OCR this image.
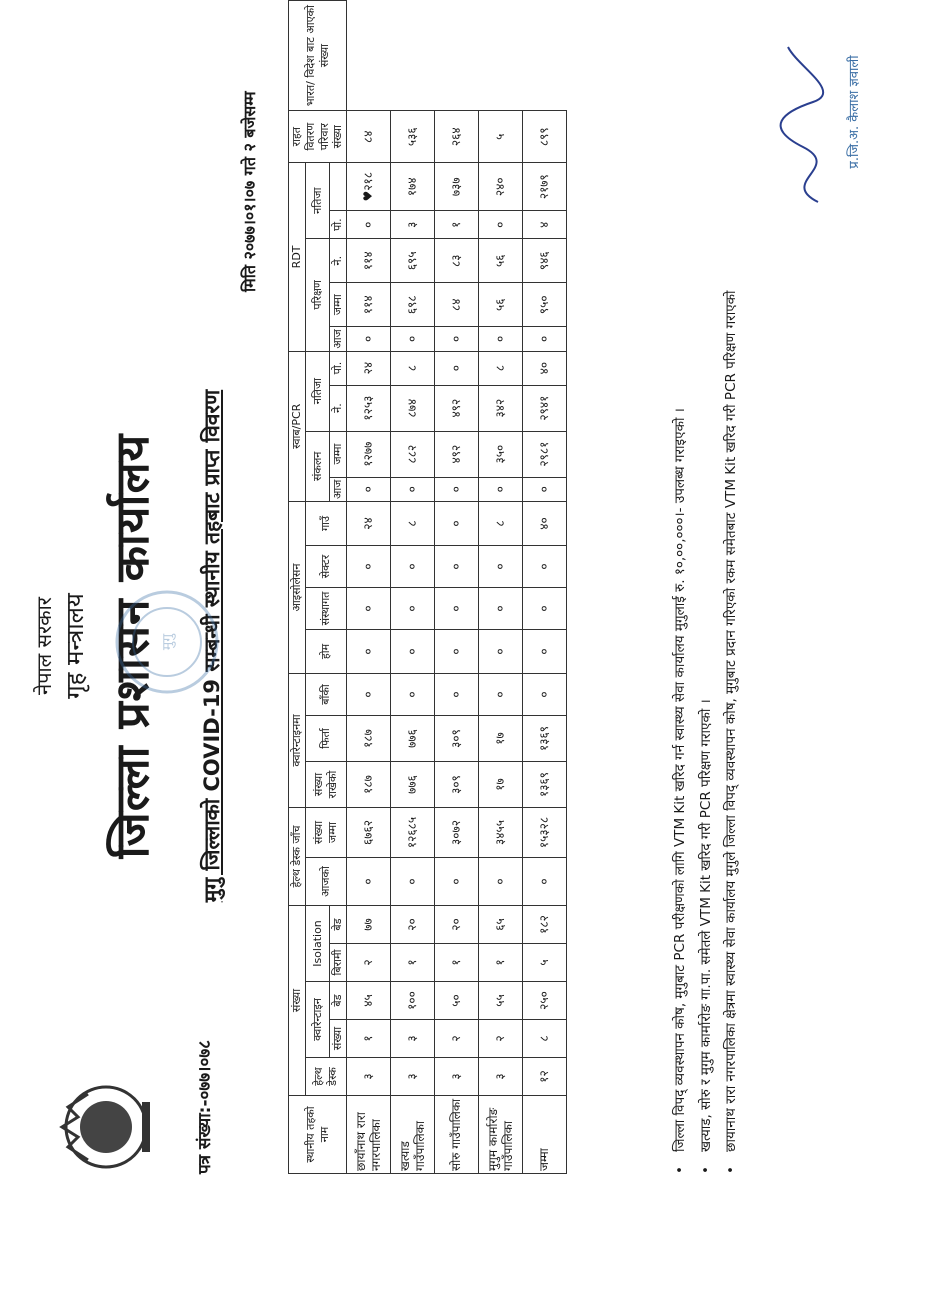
नेपाल सरकार गृह मन्त्रालय जिल्ला प्रशासन कार्यालय
पत्र संख्या:-०७७।०७८
मुगु जिल्लाको COVID-19 सम्बन्धी स्थानीय तहबाट प्राप्त विवरण
मिति २०७७।०१।०७ गते २ बजेसम्म
मुगु
स्थानीय तहको नाम	संख्या					हेल्थ डेस्क जाँच		क्वारेन्टाइनमा			आइसोलेसन				स्वाब/PCR				RDT					राहत वितरण परिवार संख्या	भारत/ विदेश बाट आएको संख्या
	हेल्थ डेस्क	क्वारेन्टाइन		Isolation		आजको	संख्या जम्मा	संख्या राखेको	फिर्ता	बाँकी	होम	संस्थागत	सेक्टर	गाउँ	संकलन		नतिजा		परिक्षण			नतिजा			
		संख्या	बेड	बिरामी	बेड										आज	जम्मा	ने.	पो.	आज	जम्मा	ने.	पो.			
छायाँनाथ रारा नगरपालिका	३	१	४५	२	७७	०	६७६२	१८७	१८७	०	०	०	०	२४	०	१२७७	१२५३	२४	०	११४	११४	०	♥२१८	८४	
खत्याड गाउँपालिका	३	३	१००	१	२०	०	१२६८५	७७६	७७६	०	०	०	०	८	०	८८२	८७४	८	०	६९८	६९५	३	१७४	५३६	
सोरु गाउँपालिका	३	२	५०	१	२०	०	३०७२	३०९	३०९	०	०	०	०	०	०	४९२	४९२	०	०	८४	८३	१	७३७	२६४	
मुगुम कार्मारोङ गाउँपालिका	३	२	५५	१	६५	०	३४५५	१७	१७	०	०	०	०	८	०	३५०	३४२	८	०	५६	५६	०	२४०	५	
जम्मा	१२	८	२५०	५	१८२	०	१५३२८	१३६९	१३६९	०	०	०	०	४०	०	२९८१	२९४१	४०	०	९५०	९४६	४	२१७९	८९९	
•
जिल्ला विपद् व्यवस्थापन कोष, मुगुबाट PCR परीक्षणको लागि VTM Kit खरिद गर्न स्वास्थ्य सेवा कार्यालय मुगुलाई रु. १०,००,०००।- उपलब्ध गराइएको ।
•
खत्याड, सोरु र मुगुम कार्मारोङ गा.पा. समेतले VTM Kit खरिद गरी PCR परिक्षण गराएको ।
•
छायानाथ रारा नगरपालिका क्षेत्रमा स्वास्थ्य सेवा कार्यालय मुगुले जिल्ला विपद् व्यवस्थापन कोष, मुगुबाट प्रदान गरिएको रकम समेतबाट VTM Kit खरिद गरी PCR परिक्षण गराएको
प्र.जि.अ. कैलाश ज्ञवाली
